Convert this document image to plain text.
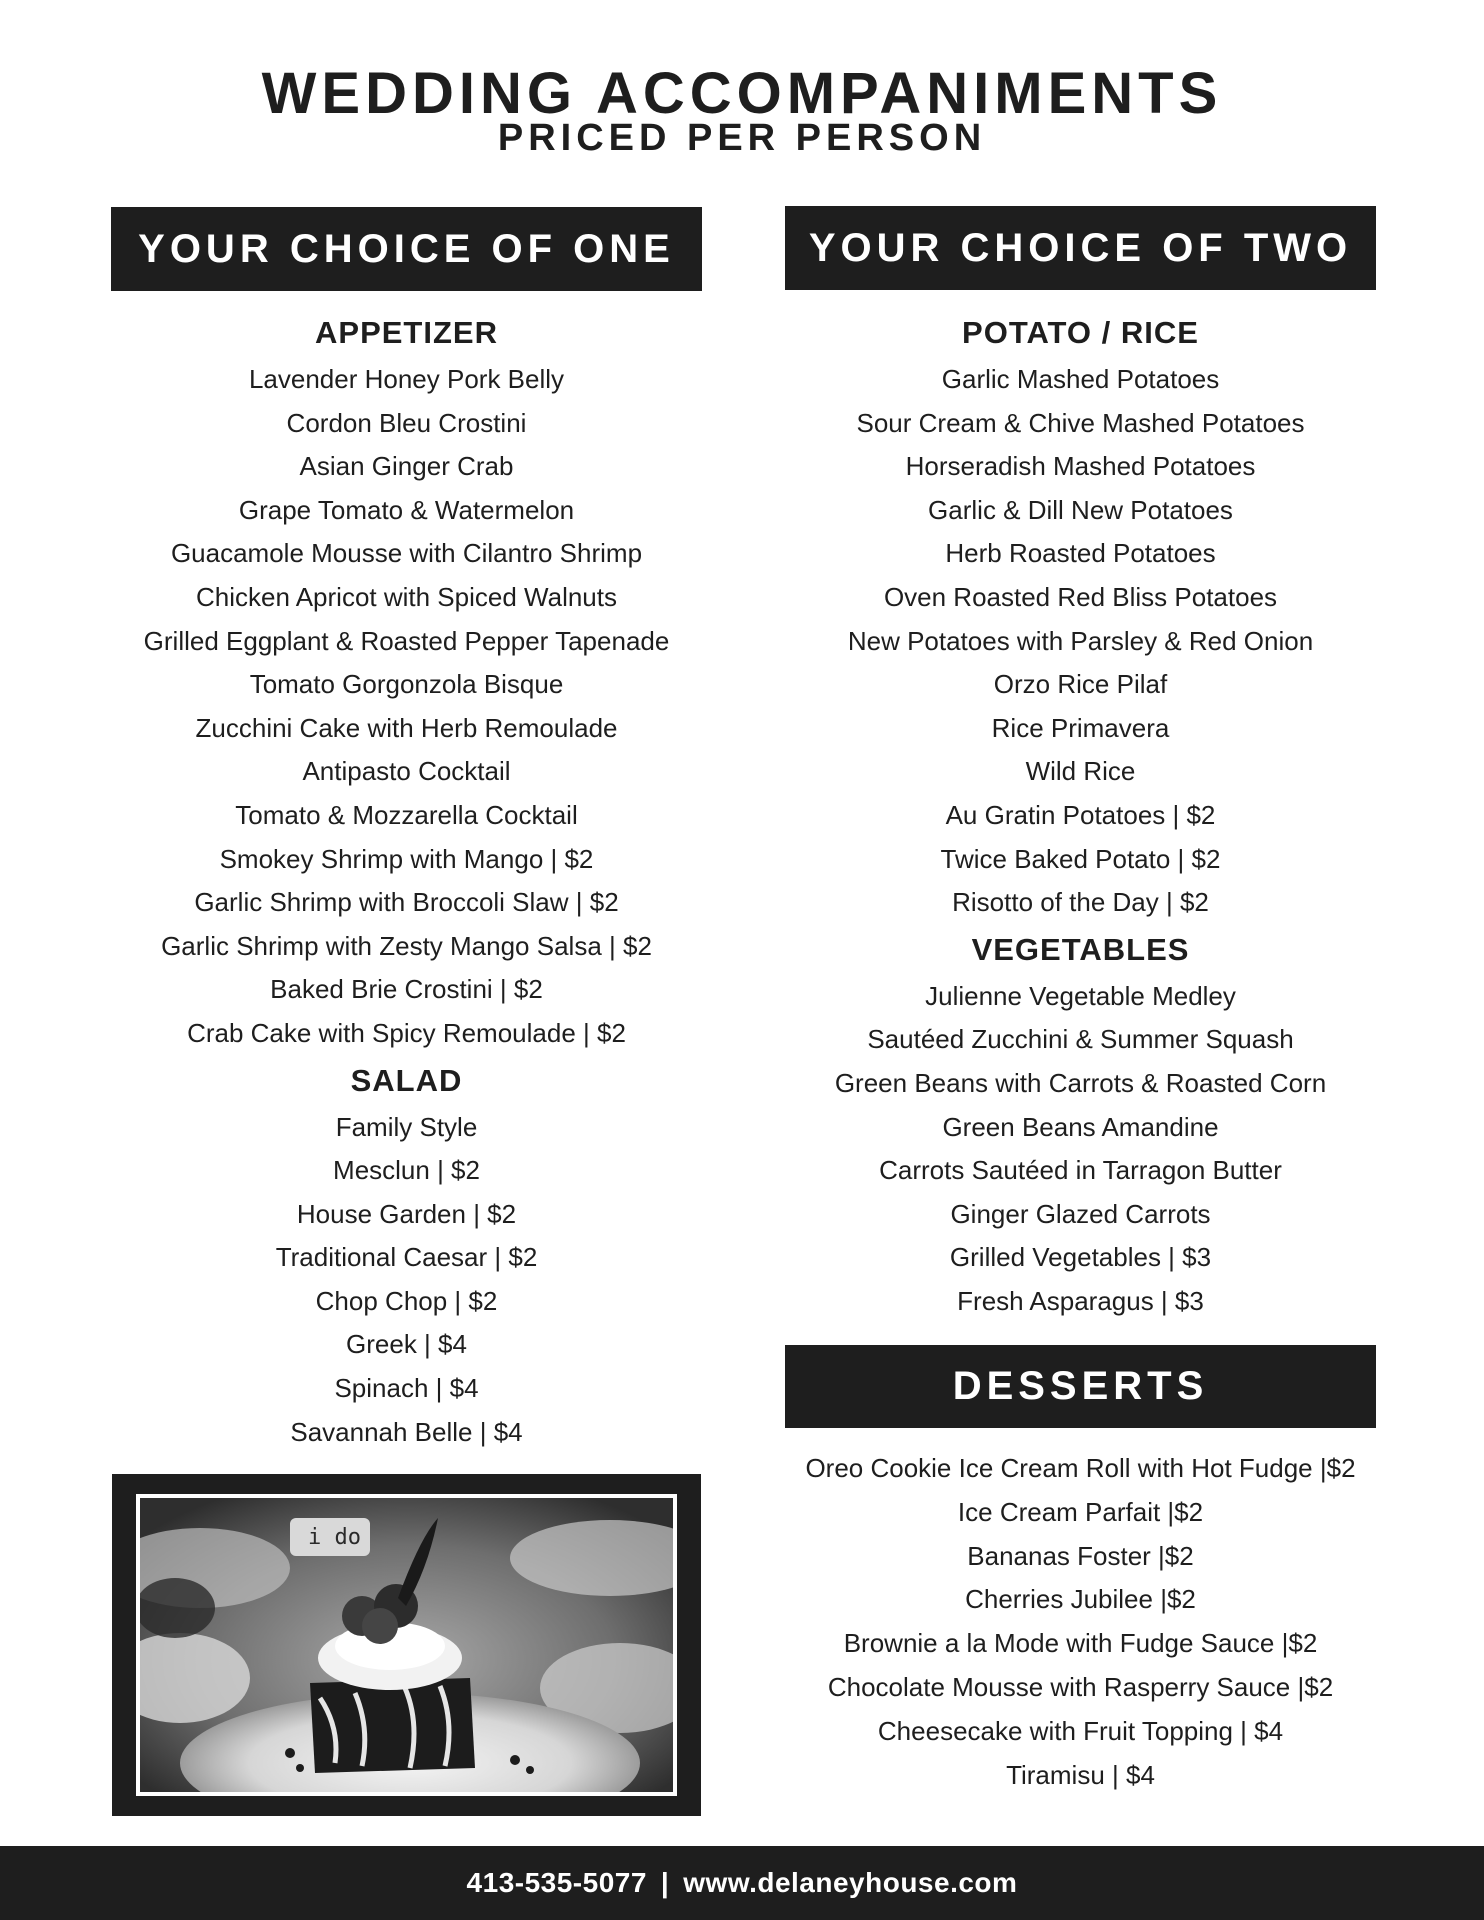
WEDDING ACCOMPANIMENTS
PRICED PER PERSON
YOUR CHOICE OF ONE	YOUR CHOICE OF TWO
APPETIZER
Lavender Honey Pork Belly
Cordon Bleu Crostini
Asian Ginger Crab
Grape Tomato & Watermelon
Guacamole Mousse with Cilantro Shrimp
Chicken Apricot with Spiced Walnuts
Grilled Eggplant & Roasted Pepper Tapenade
Tomato Gorgonzola Bisque
Zucchini Cake with Herb Remoulade
Antipasto Cocktail
Tomato & Mozzarella Cocktail
Smokey Shrimp with Mango | $2
Garlic Shrimp with Broccoli Slaw | $2
Garlic Shrimp with Zesty Mango Salsa | $2
Baked Brie Crostini | $2
Crab Cake with Spicy Remoulade | $2
SALAD
Family Style
Mesclun | $2
House Garden | $2
Traditional Caesar | $2
Chop Chop | $2
Greek | $4
Spinach | $4
Savannah Belle | $4
POTATO / RICE
Garlic Mashed Potatoes
Sour Cream & Chive Mashed Potatoes
Horseradish Mashed Potatoes
Garlic & Dill New Potatoes
Herb Roasted Potatoes
Oven Roasted Red Bliss Potatoes
New Potatoes with Parsley & Red Onion
Orzo Rice Pilaf
Rice Primavera
Wild Rice
Au Gratin Potatoes | $2
Twice Baked Potato | $2
Risotto of the Day | $2
VEGETABLES
Julienne Vegetable Medley
Sautéed Zucchini & Summer Squash
Green Beans with Carrots & Roasted Corn
Green Beans Amandine
Carrots Sautéed in Tarragon Butter
Ginger Glazed Carrots
Grilled Vegetables | $3
Fresh Asparagus | $3
DESSERTS
Oreo Cookie Ice Cream Roll with Hot Fudge |$2
Ice Cream Parfait |$2
Bananas Foster |$2
Cherries Jubilee |$2
Brownie a la Mode with Fudge Sauce |$2
Chocolate Mousse with Rasperry Sauce |$2
Cheesecake with Fruit Topping | $4
Tiramisu | $4
i do
413-535-5077 | www.delaneyhouse.com
